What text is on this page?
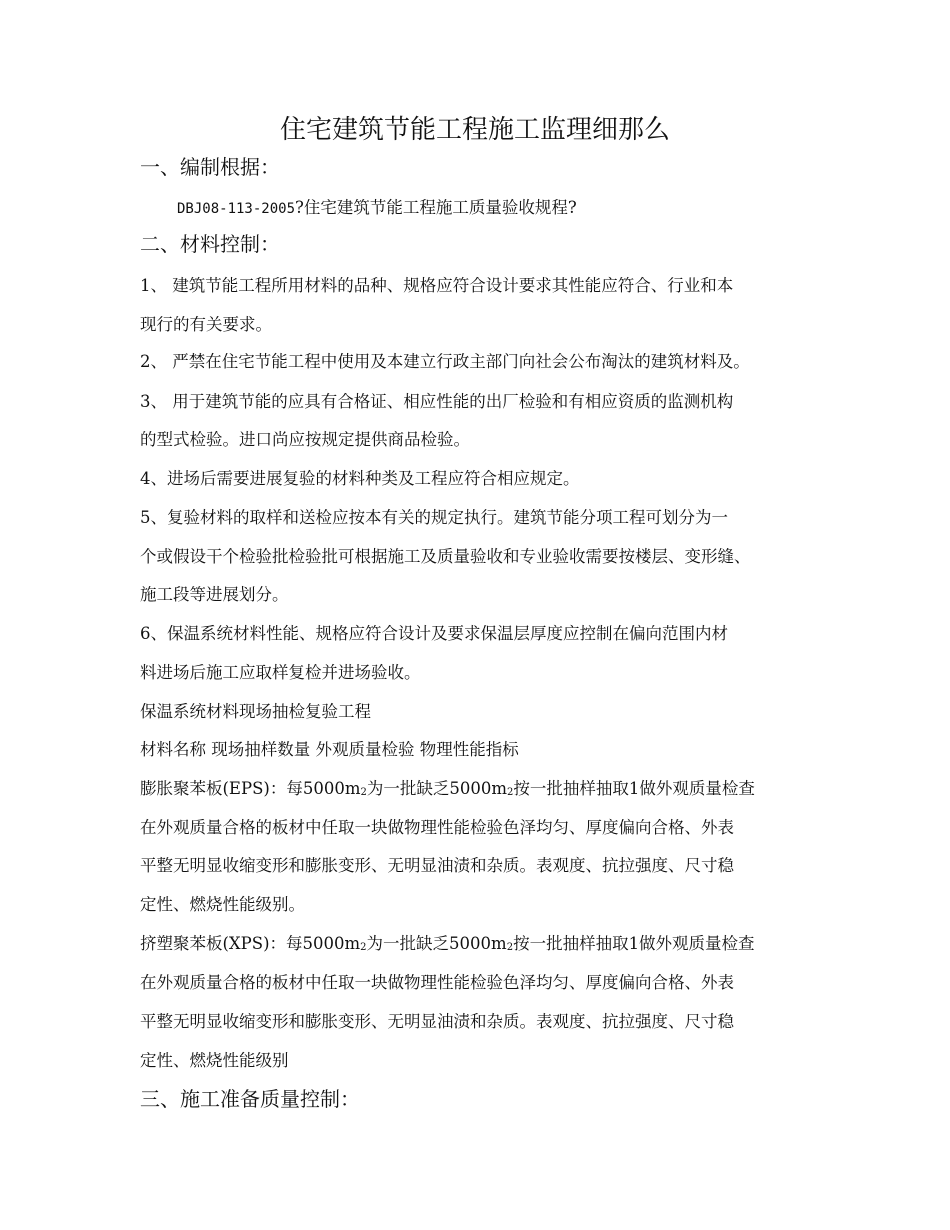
住宅建筑节能工程施工监理细那么
一、编制根据：
DBJ08-113-2005?住宅建筑节能工程施工质量验收规程?
二、材料控制：
1、 建筑节能工程所用材料的品种、规格应符合设计要求其性能应符合、行业和本
现行的有关要求。
2、 严禁在住宅节能工程中使用及本建立行政主部门向社会公布淘汰的建筑材料及。
3、 用于建筑节能的应具有合格证、相应性能的出厂检验和有相应资质的监测机构
的型式检验。进口尚应按规定提供商品检验。
4、进场后需要进展复验的材料种类及工程应符合相应规定。
5、复验材料的取样和送检应按本有关的规定执行。建筑节能分项工程可划分为一
个或假设干个检验批检验批可根据施工及质量验收和专业验收需要按楼层、变形缝、
施工段等进展划分。
6、保温系统材料性能、规格应符合设计及要求保温层厚度应控制在偏向范围内材
料进场后施工应取样复检并进场验收。
保温系统材料现场抽检复验工程
材料名称 现场抽样数量 外观质量检验 物理性能指标
膨胀聚苯板(EPS)：每5000m2为一批缺乏5000m2按一批抽样抽取1做外观质量检查
在外观质量合格的板材中任取一块做物理性能检验色泽均匀、厚度偏向合格、外表
平整无明显收缩变形和膨胀变形、无明显油渍和杂质。表观度、抗拉强度、尺寸稳
定性、燃烧性能级别。
挤塑聚苯板(XPS)：每5000m2为一批缺乏5000m2按一批抽样抽取1做外观质量检查
在外观质量合格的板材中任取一块做物理性能检验色泽均匀、厚度偏向合格、外表
平整无明显收缩变形和膨胀变形、无明显油渍和杂质。表观度、抗拉强度、尺寸稳
定性、燃烧性能级别
三、施工准备质量控制：
